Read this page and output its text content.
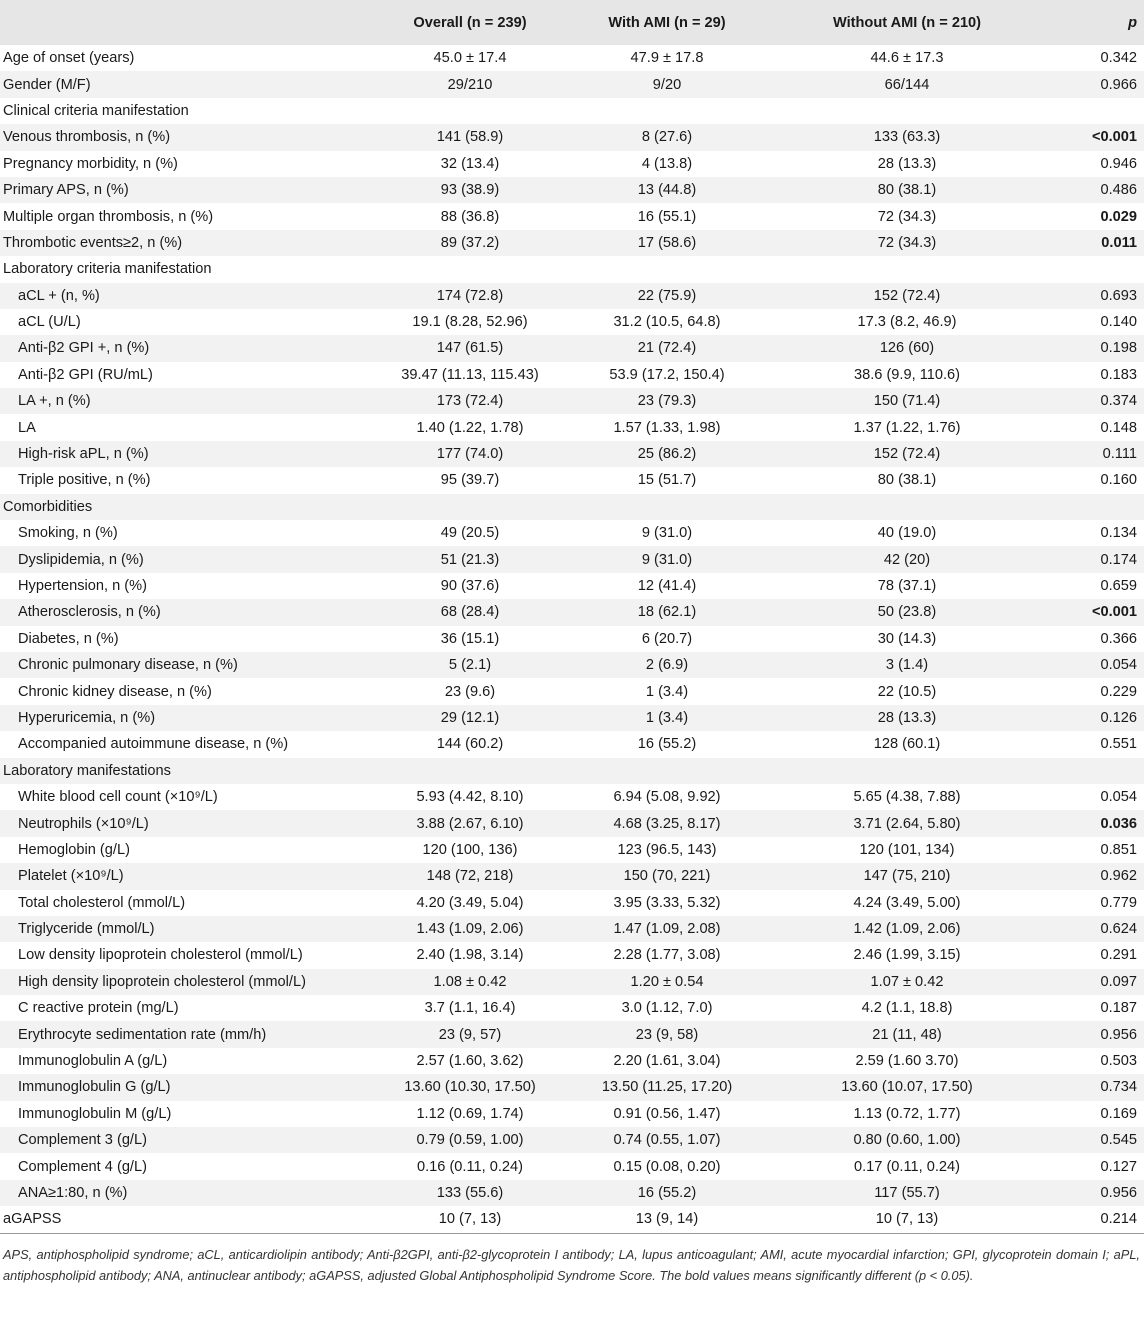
	Overall (n = 239)	With AMI (n = 29)	Without AMI (n = 210)	p
Age of onset (years)	45.0 ± 17.4	47.9 ± 17.8	44.6 ± 17.3	0.342
Gender (M/F)	29/210	9/20	66/144	0.966
Clinical criteria manifestation				
Venous thrombosis, n (%)	141 (58.9)	8 (27.6)	133 (63.3)	<0.001
Pregnancy morbidity, n (%)	32 (13.4)	4 (13.8)	28 (13.3)	0.946
Primary APS, n (%)	93 (38.9)	13 (44.8)	80 (38.1)	0.486
Multiple organ thrombosis, n (%)	88 (36.8)	16 (55.1)	72 (34.3)	0.029
Thrombotic events≥2, n (%)	89 (37.2)	17 (58.6)	72 (34.3)	0.011
Laboratory criteria manifestation				
aCL + (n, %)	174 (72.8)	22 (75.9)	152 (72.4)	0.693
aCL (U/L)	19.1 (8.28, 52.96)	31.2 (10.5, 64.8)	17.3 (8.2, 46.9)	0.140
Anti-β2 GPI +, n (%)	147 (61.5)	21 (72.4)	126 (60)	0.198
Anti-β2 GPI (RU/mL)	39.47 (11.13, 115.43)	53.9 (17.2, 150.4)	38.6 (9.9, 110.6)	0.183
LA +, n (%)	173 (72.4)	23 (79.3)	150 (71.4)	0.374
LA	1.40 (1.22, 1.78)	1.57 (1.33, 1.98)	1.37 (1.22, 1.76)	0.148
High-risk aPL, n (%)	177 (74.0)	25 (86.2)	152 (72.4)	0.111
Triple positive, n (%)	95 (39.7)	15 (51.7)	80 (38.1)	0.160
Comorbidities				
Smoking, n (%)	49 (20.5)	9 (31.0)	40 (19.0)	0.134
Dyslipidemia, n (%)	51 (21.3)	9 (31.0)	42 (20)	0.174
Hypertension, n (%)	90 (37.6)	12 (41.4)	78 (37.1)	0.659
Atherosclerosis, n (%)	68 (28.4)	18 (62.1)	50 (23.8)	<0.001
Diabetes, n (%)	36 (15.1)	6 (20.7)	30 (14.3)	0.366
Chronic pulmonary disease, n (%)	5 (2.1)	2 (6.9)	3 (1.4)	0.054
Chronic kidney disease, n (%)	23 (9.6)	1 (3.4)	22 (10.5)	0.229
Hyperuricemia, n (%)	29 (12.1)	1 (3.4)	28 (13.3)	0.126
Accompanied autoimmune disease, n (%)	144 (60.2)	16 (55.2)	128 (60.1)	0.551
Laboratory manifestations				
White blood cell count (×10⁹/L)	5.93 (4.42, 8.10)	6.94 (5.08, 9.92)	5.65 (4.38, 7.88)	0.054
Neutrophils (×10⁹/L)	3.88 (2.67, 6.10)	4.68 (3.25, 8.17)	3.71 (2.64, 5.80)	0.036
Hemoglobin (g/L)	120 (100, 136)	123 (96.5, 143)	120 (101, 134)	0.851
Platelet (×10⁹/L)	148 (72, 218)	150 (70, 221)	147 (75, 210)	0.962
Total cholesterol (mmol/L)	4.20 (3.49, 5.04)	3.95 (3.33, 5.32)	4.24 (3.49, 5.00)	0.779
Triglyceride (mmol/L)	1.43 (1.09, 2.06)	1.47 (1.09, 2.08)	1.42 (1.09, 2.06)	0.624
Low density lipoprotein cholesterol (mmol/L)	2.40 (1.98, 3.14)	2.28 (1.77, 3.08)	2.46 (1.99, 3.15)	0.291
High density lipoprotein cholesterol (mmol/L)	1.08 ± 0.42	1.20 ± 0.54	1.07 ± 0.42	0.097
C reactive protein (mg/L)	3.7 (1.1, 16.4)	3.0 (1.12, 7.0)	4.2 (1.1, 18.8)	0.187
Erythrocyte sedimentation rate (mm/h)	23 (9, 57)	23 (9, 58)	21 (11, 48)	0.956
Immunoglobulin A (g/L)	2.57 (1.60, 3.62)	2.20 (1.61, 3.04)	2.59 (1.60 3.70)	0.503
Immunoglobulin G (g/L)	13.60 (10.30, 17.50)	13.50 (11.25, 17.20)	13.60 (10.07, 17.50)	0.734
Immunoglobulin M (g/L)	1.12 (0.69, 1.74)	0.91 (0.56, 1.47)	1.13 (0.72, 1.77)	0.169
Complement 3 (g/L)	0.79 (0.59, 1.00)	0.74 (0.55, 1.07)	0.80 (0.60, 1.00)	0.545
Complement 4 (g/L)	0.16 (0.11, 0.24)	0.15 (0.08, 0.20)	0.17 (0.11, 0.24)	0.127
ANA≥1:80, n (%)	133 (55.6)	16 (55.2)	117 (55.7)	0.956
aGAPSS	10 (7, 13)	13 (9, 14)	10 (7, 13)	0.214
APS, antiphospholipid syndrome; aCL, anticardiolipin antibody; Anti-β2GPI, anti-β2-glycoprotein I antibody; LA, lupus anticoagulant; AMI, acute myocardial infarction; GPI, glycoprotein domain I; aPL, antiphospholipid antibody; ANA, antinuclear antibody; aGAPSS, adjusted Global Antiphospholipid Syndrome Score. The bold values means significantly different (p < 0.05).
